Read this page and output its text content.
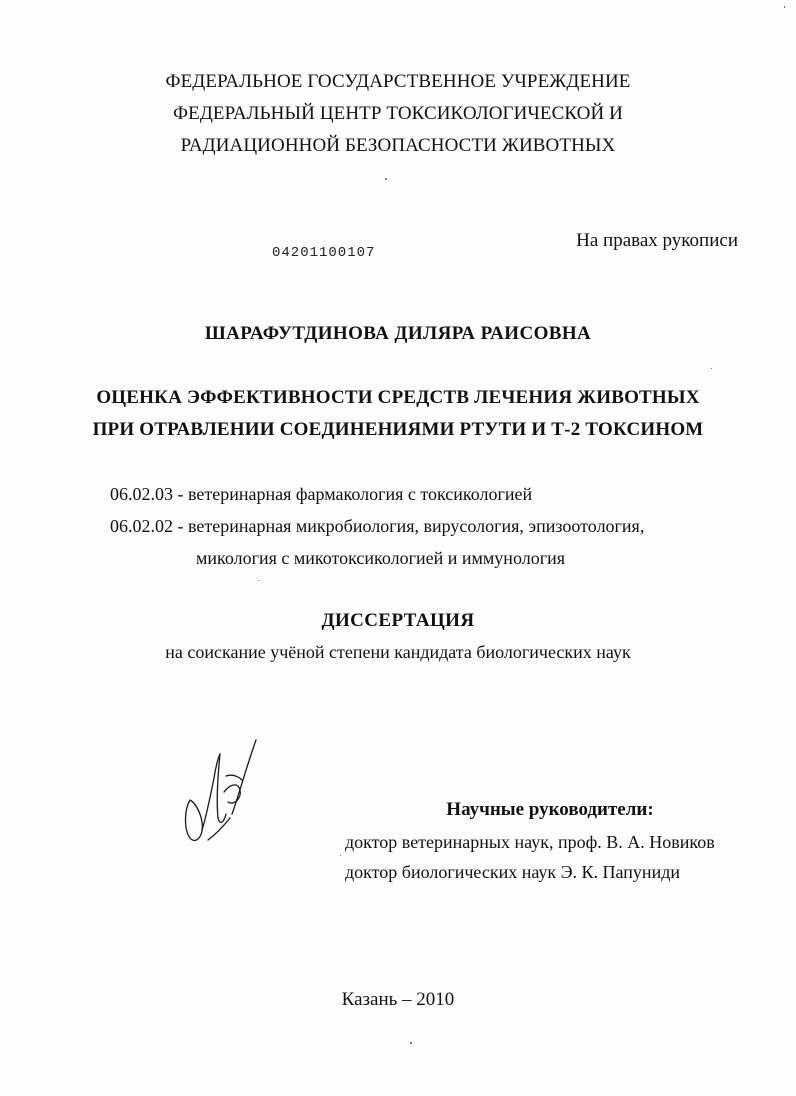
ФЕДЕРАЛЬНОЕ ГОСУДАРСТВЕННОЕ УЧРЕЖДЕНИЕ
ФЕДЕРАЛЬНЫЙ ЦЕНТР ТОКСИКОЛОГИЧЕСКОЙ И
РАДИАЦИОННОЙ БЕЗОПАСНОСТИ ЖИВОТНЫХ
На правах рукописи
04201100107
ШАРАФУТДИНОВА ДИЛЯРА РАИСОВНА
ОЦЕНКА ЭФФЕКТИВНОСТИ СРЕДСТВ ЛЕЧЕНИЯ ЖИВОТНЫХ
ПРИ ОТРАВЛЕНИИ СОЕДИНЕНИЯМИ РТУТИ И Т-2 ТОКСИНОМ
06.02.03 - ветеринарная фармакология с токсикологией
06.02.02 - ветеринарная микробиология, вирусология, эпизоотология,
микология с микотоксикологией и иммунология
ДИССЕРТАЦИЯ
на соискание учёной степени кандидата биологических наук
Научные руководители:
доктор ветеринарных наук, проф. В. А. Новиков
доктор биологических наук Э. К. Папуниди
Казань – 2010
